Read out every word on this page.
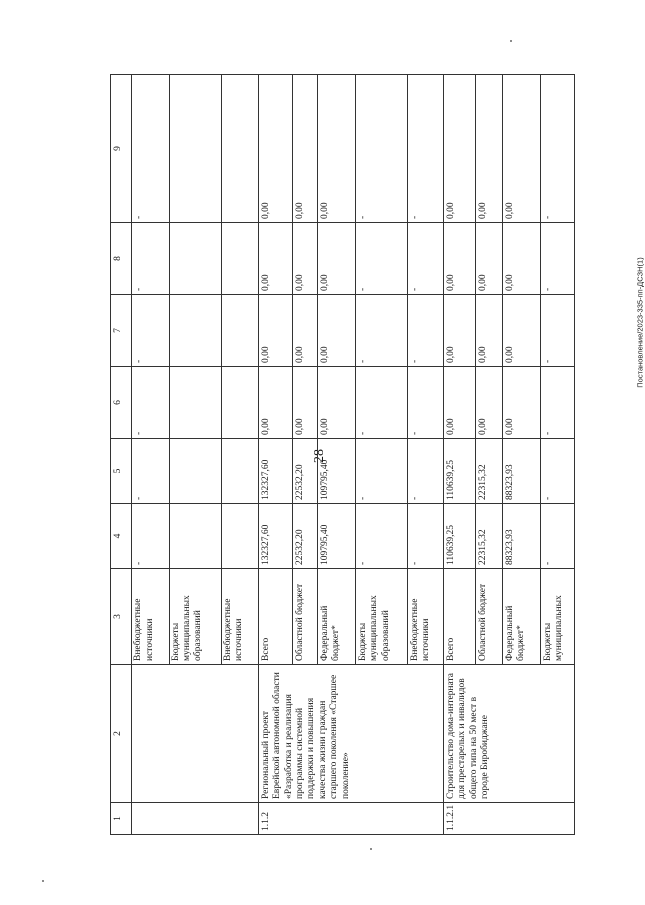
28
Постановление/2023-335-пп-ДСЗН(1)
1	2	3	4	5	6	7	8	9
		Внебюджетные источники	-	-	-	-	-	-
		Бюджеты муниципальных образований						
		Внебюджетные источники						
1.1.2	Региональный проект Еврейской автономной области «Разработка и реализация программы системной поддержки и повышения качества жизни граждан старшего поколения «Старшее поколение»	Всего	132327,60	132327,60	0,00	0,00	0,00	0,00
		Областной бюджет	22532,20	22532,20	0,00	0,00	0,00	0,00
		Федеральный бюджет*	109795,40	109795,40	0,00	0,00	0,00	0,00
		Бюджеты муниципальных образований	-	-	-	-	-	-
		Внебюджетные источники	-	-	-	-	-	-
1.1.2.1	Строительство дома-интерната для престарелых и инвалидов общего типа на 50 мест в городе Биробиджане	Всего	110639,25	110639,25	0,00	0,00	0,00	0,00
		Областной бюджет	22315,32	22315,32	0,00	0,00	0,00	0,00
		Федеральный бюджет*	88323,93	88323,93	0,00	0,00	0,00	0,00
		Бюджеты муниципальных	-	-	-	-	-	-
